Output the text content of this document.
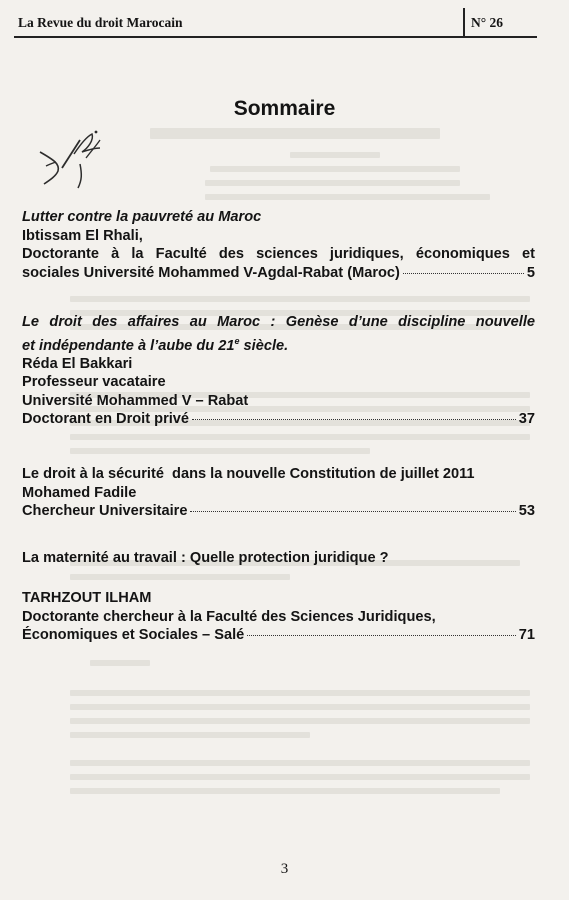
La Revue du droit Marocain	N° 26
Sommaire
Lutter contre la pauvreté au Maroc
Ibtissam El Rhali,
Doctorante à la Faculté des sciences juridiques, économiques et
sociales Université Mohammed V-Agdal-Rabat (Maroc)	5
Le droit des affaires au Maroc : Genèse d’une discipline nouvelle
et indépendante à l’aube du 21e siècle.
Réda El Bakkari
Professeur vacataire
Université Mohammed V – Rabat
Doctorant en Droit privé	37
Le droit à la sécurité  dans la nouvelle Constitution de juillet 2011
Mohamed Fadile
Chercheur Universitaire	53
La maternité au travail : Quelle protection juridique ?
TARHZOUT ILHAM
Doctorante chercheur à la Faculté des Sciences Juridiques,
Économiques et Sociales – Salé	71
3
